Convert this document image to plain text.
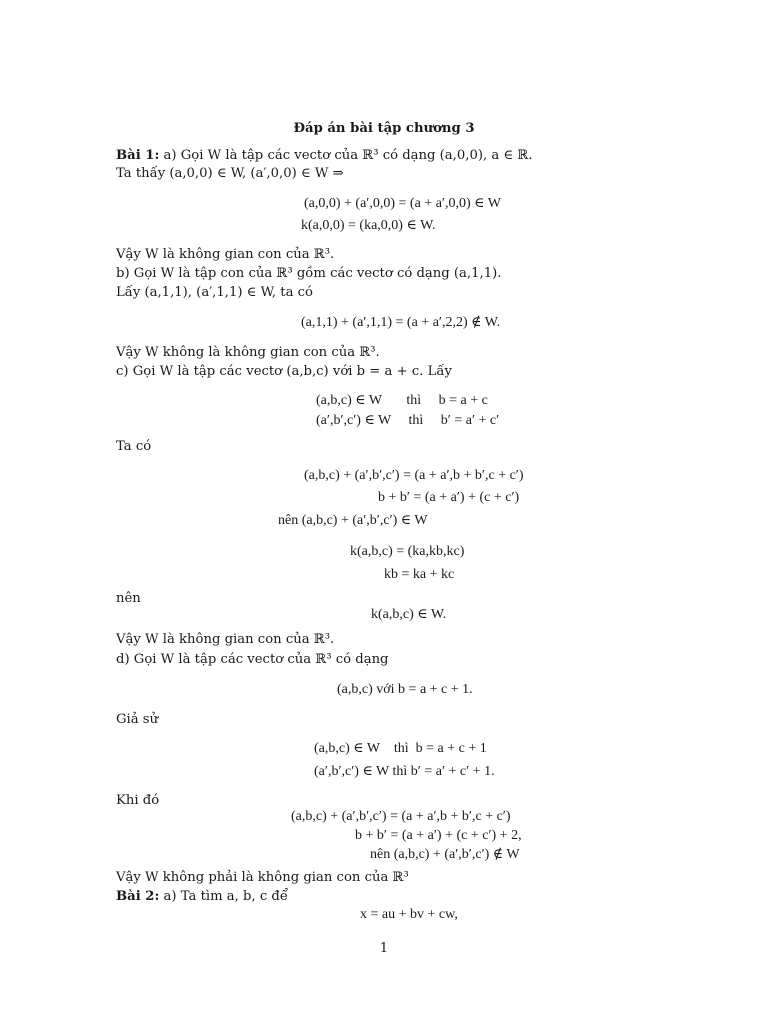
Đáp án bài tập chương 3
Bài 1: a) Gọi W là tập các vectơ của ℝ³ có dạng (a,0,0), a ∈ ℝ.
Ta thấy (a,0,0) ∈ W, (a′,0,0) ∈ W ⇒
(a,0,0) + (a′,0,0) = (a + a′,0,0) ∈ W
k(a,0,0) = (ka,0,0) ∈ W.
Vậy W là không gian con của ℝ³.
b) Gọi W là tập con của ℝ³ gồm các vectơ có dạng (a,1,1).
Lấy (a,1,1), (a′,1,1) ∈ W, ta có
(a,1,1) + (a′,1,1) = (a + a′,2,2) ∉ W.
Vậy W không là không gian con của ℝ³.
c) Gọi W là tập các vectơ (a,b,c) với b = a + c. Lấy
(a,b,c) ∈ W       thì     b = a + c
(a′,b′,c′) ∈ W     thì     b′ = a′ + c′
Ta có
(a,b,c) + (a′,b′,c′) = (a + a′,b + b′,c + c′)
b + b′ = (a + a′) + (c + c′)
nên (a,b,c) + (a′,b′,c′) ∈ W
k(a,b,c) = (ka,kb,kc)
kb = ka + kc
nên
k(a,b,c) ∈ W.
Vậy W là không gian con của ℝ³.
d) Gọi W là tập các vectơ của ℝ³ có dạng
(a,b,c) với b = a + c + 1.
Giả sử
(a,b,c) ∈ W    thì  b = a + c + 1
(a′,b′,c′) ∈ W thì b′ = a′ + c′ + 1.
Khi đó
(a,b,c) + (a′,b′,c′) = (a + a′,b + b′,c + c′)
b + b′ = (a + a′) + (c + c′) + 2,
nên (a,b,c) + (a′,b′,c′) ∉ W
Vậy W không phải là không gian con của ℝ³
Bài 2: a) Ta tìm a, b, c để
x = au + bv + cw,
1
